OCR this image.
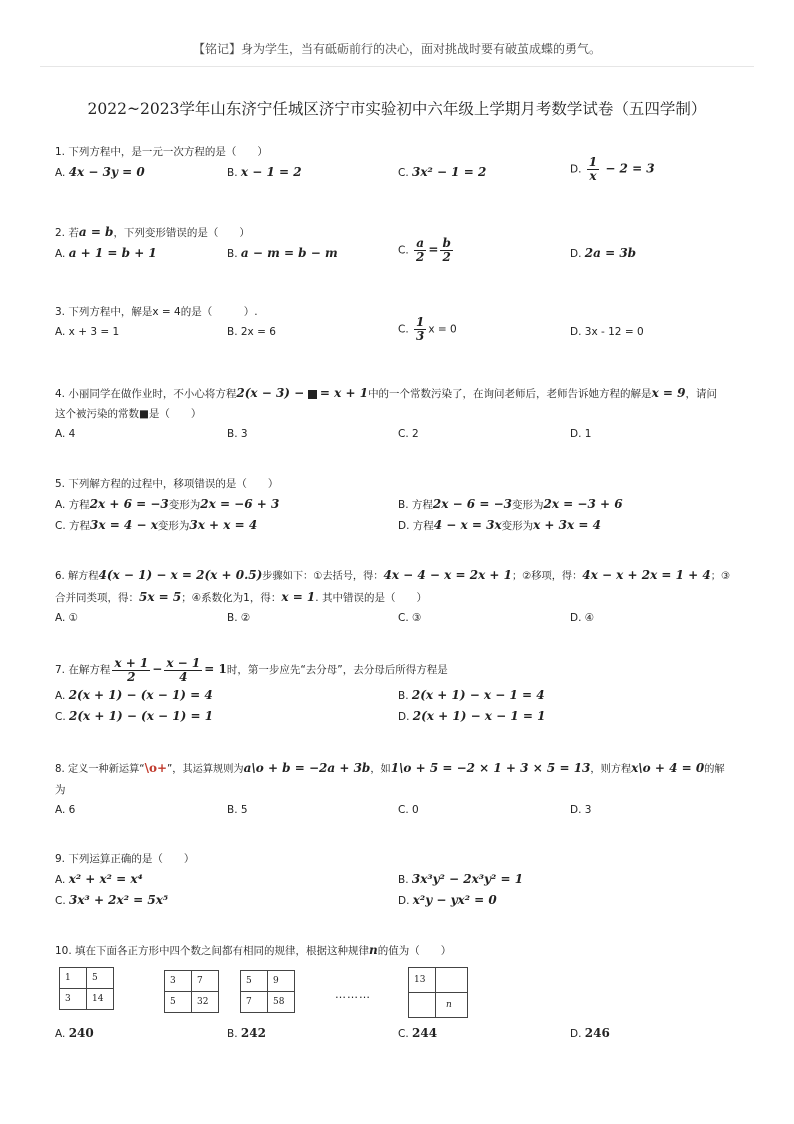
【铭记】身为学生，当有砥砺前行的决心，面对挑战时要有破茧成蝶的勇气。
2022~2023学年山东济宁任城区济宁市实验初中六年级上学期月考数学试卷（五四学制）
1. 下列方程中，是一元一次方程的是（　　）
A. 4x − 3y = 0	B. x − 1 = 2	C. 3x² − 1 = 2	D. $\frac{1}{x} - 2 = 3$
2. 若a = b，下列变形错误的是（　　）
A. a + 1 = b + 1	B. a − m = b − m	C. $\frac{a}{2} = \frac{b}{2}$	D. 2a = 3b
3. 下列方程中，解是x = 4的是（　　　）.
A. x + 3 = 1	B. 2x = 6	C. $\frac{1}{3}$ x = 0	D. 3x - 12 = 0
4. 小丽同学在做作业时，不小心将方程2(x − 3) − = x + 1中的一个常数污染了，在询问老师后，老师告诉她方程的解是x = 9，请问
这个被污染的常数■是（　　）
A. 4	B. 3	C. 2	D. 1
5. 下列解方程的过程中，移项错误的是（　　）
A. 方程2x + 6 = −3变形为2x = −6 + 3	B. 方程2x − 6 = −3变形为2x = −3 + 6
C. 方程3x = 4 − x变形为3x + x = 4	D. 方程4 − x = 3x变形为x + 3x = 4
6. 解方程4(x − 1) − x = 2(x + 0.5)步骤如下：①去括号，得：4x − 4 − x = 2x + 1；②移项，得：4x − x + 2x = 1 + 4；③
合并同类项，得：5x = 5；④系数化为1，得：x = 1. 其中错误的是（　　）
A. ①	B. ②	C. ③	D. ④
7. 在解方程 $\frac{x + 1}{2} - \frac{x - 1}{4} = 1$时，第一步应先“去分母”，去分母后所得方程是
A. 2(x + 1) − (x − 1) = 4	B. 2(x + 1) − x − 1 = 4
C. 2(x + 1) − (x − 1) = 1	D. 2(x + 1) − x − 1 = 1
8. 定义一种新运算“\o+”，其运算规则为a\o + b = −2a + 3b，如1\o + 5 = −2 × 1 + 3 × 5 = 13，则方程x\o + 4 = 0的解
为
A. 6	B. 5	C. 0	D. 3
9. 下列运算正确的是（　　）
A. x² + x² = x⁴	B. 3x³y² − 2x³y² = 1
C. 3x³ + 2x² = 5x⁵	D. x²y − yx² = 0
10. 填在下面各正方形中四个数之间都有相同的规律，根据这种规律n的值为（　　）
1	5
3	14
3	7
5	32
5	9
7	58
………
13	
	n
A. 240	B. 242	C. 244	D. 246
